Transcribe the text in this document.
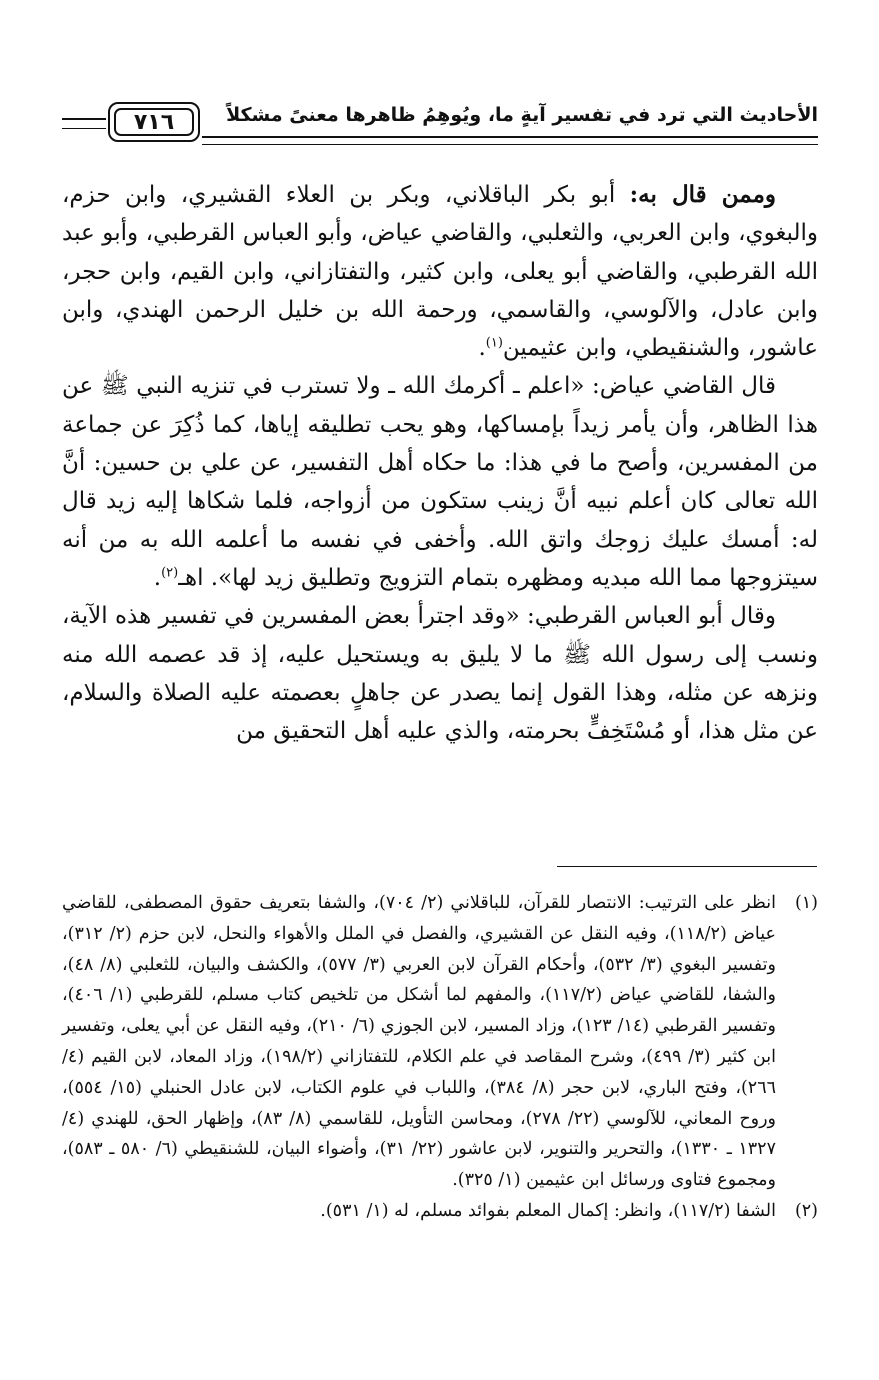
الأحاديث التي ترد في تفسير آيةٍ ما، ويُوهِمُ ظاهرها معنىً مشكلاً
٧١٦

وممن قال به: أبو بكر الباقلاني، وبكر بن العلاء القشيري، وابن حزم، والبغوي، وابن العربي، والثعلبي، والقاضي عياض، وأبو العباس القرطبي، وأبو عبد الله القرطبي، والقاضي أبو يعلى، وابن كثير، والتفتازاني، وابن القيم، وابن حجر، وابن عادل، والآلوسي، والقاسمي، ورحمة الله بن خليل الرحمن الهندي، وابن عاشور، والشنقيطي، وابن عثيمين$^{(١)}$.

قال القاضي عياض: «اعلم ـ أكرمك الله ـ ولا تسترب في تنزيه النبي ﷺ عن هذا الظاهر، وأن يأمر زيداً بإمساكها، وهو يحب تطليقه إياها، كما ذُكِرَ عن جماعة من المفسرين، وأصح ما في هذا: ما حكاه أهل التفسير، عن علي بن حسين: أنَّ الله تعالى كان أعلم نبيه أنَّ زينب ستكون من أزواجه، فلما شكاها إليه زيد قال له: أمسك عليك زوجك واتق الله. وأخفى في نفسه ما أعلمه الله به من أنه سيتزوجها مما الله مبديه ومظهره بتمام التزويج وتطليق زيد لها». اهـ$^{(٢)}$.

وقال أبو العباس القرطبي: «وقد اجترأ بعض المفسرين في تفسير هذه الآية، ونسب إلى رسول الله ﷺ ما لا يليق به ويستحيل عليه، إذ قد عصمه الله منه ونزهه عن مثله، وهذا القول إنما يصدر عن جاهلٍ بعصمته عليه الصلاة والسلام، عن مثل هذا، أو مُسْتَخِفٍّ بحرمته، والذي عليه أهل التحقيق من

(١)
انظر على الترتيب: الانتصار للقرآن، للباقلاني (٢/ ٧٠٤)، والشفا بتعريف حقوق المصطفى، للقاضي عياض (١١٨/٢)، وفيه النقل عن القشيري، والفصل في الملل والأهواء والنحل، لابن حزم (٢/ ٣١٢)، وتفسير البغوي (٣/ ٥٣٢)، وأحكام القرآن لابن العربي (٣/ ٥٧٧)، والكشف والبيان، للثعلبي (٨/ ٤٨)، والشفا، للقاضي عياض (١١٧/٢)، والمفهم لما أشكل من تلخيص كتاب مسلم، للقرطبي (١/ ٤٠٦)، وتفسير القرطبي (١٤/ ١٢٣)، وزاد المسير، لابن الجوزي (٦/ ٢١٠)، وفيه النقل عن أبي يعلى، وتفسير ابن كثير (٣/ ٤٩٩)، وشرح المقاصد في علم الكلام، للتفتازاني (١٩٨/٢)، وزاد المعاد، لابن القيم (٤/ ٢٦٦)، وفتح الباري، لابن حجر (٨/ ٣٨٤)، واللباب في علوم الكتاب، لابن عادل الحنبلي (١٥/ ٥٥٤)، وروح المعاني، للآلوسي (٢٢/ ٢٧٨)، ومحاسن التأويل، للقاسمي (٨/ ٨٣)، وإظهار الحق، للهندي (٤/ ١٣٢٧ ـ ١٣٣٠)، والتحرير والتنوير، لابن عاشور (٢٢/ ٣١)، وأضواء البيان، للشنقيطي (٦/ ٥٨٠ ـ ٥٨٣)، ومجموع فتاوى ورسائل ابن عثيمين (١/ ٣٢٥).
(٢)
الشفا (١١٧/٢)، وانظر: إكمال المعلم بفوائد مسلم، له (١/ ٥٣١).
